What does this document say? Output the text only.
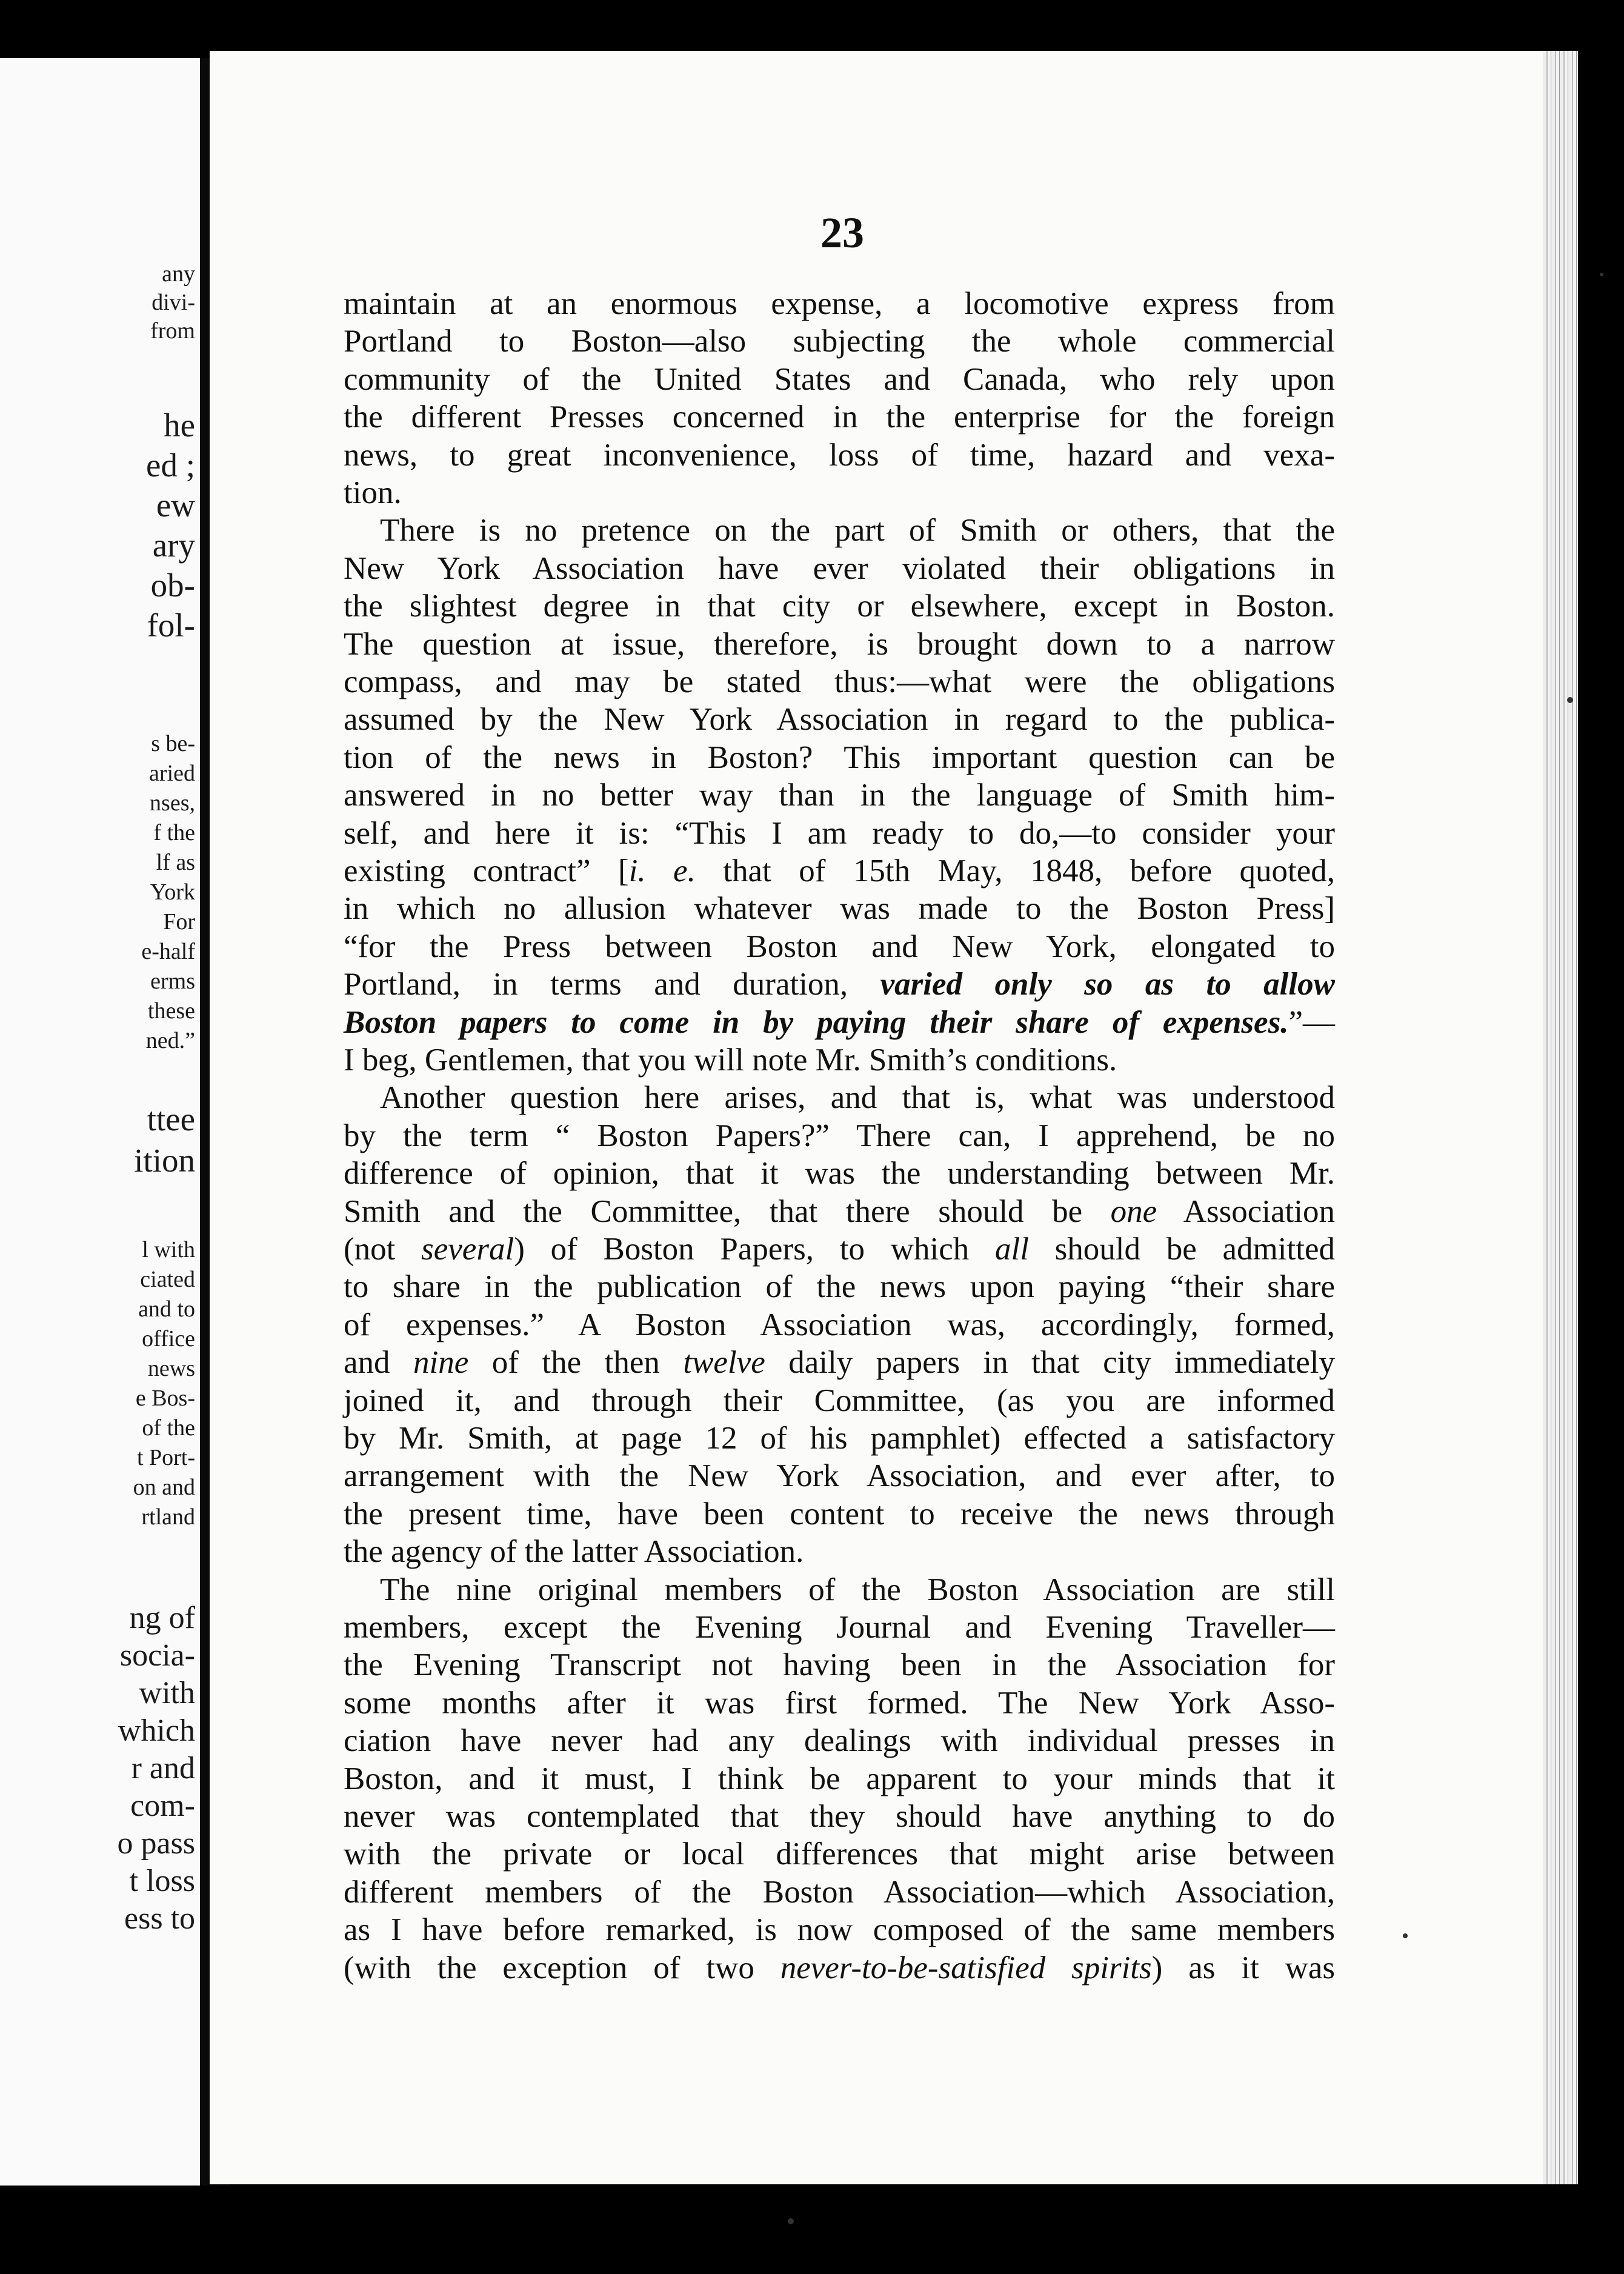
any
divi-
from
he
ed ;
ew
ary
ob-
fol-
s be-
aried
nses,
f the
lf as
York
For
e-half
erms
these
ned.”
ttee
ition
l with
ciated
and to
office
news
e Bos-
of the
t Port-
on and
rtland
ng of
socia-
with
which
r and
com-
o pass
t loss
ess to
23
maintain at an enormous expense, a locomotive express from
Portland to Boston—also subjecting the whole commercial
community of the United States and Canada, who rely upon
the different Presses concerned in the enterprise for the foreign
news, to great inconvenience, loss of time, hazard and vexa-
tion.
There is no pretence on the part of Smith or others, that the
New York Association have ever violated their obligations in
the slightest degree in that city or elsewhere, except in Boston.
The question at issue, therefore, is brought down to a narrow
compass, and may be stated thus:—what were the obligations
assumed by the New York Association in regard to the publica-
tion of the news in Boston? This important question can be
answered in no better way than in the language of Smith him-
self, and here it is: “This I am ready to do,—to consider your
existing contract” [i. e. that of 15th May, 1848, before quoted,
in which no allusion whatever was made to the Boston Press]
“for the Press between Boston and New York, elongated to
Portland, in terms and duration, varied only so as to allow
Boston papers to come in by paying their share of expenses.”—
I beg, Gentlemen, that you will note Mr. Smith’s conditions.
Another question here arises, and that is, what was understood
by the term “ Boston Papers?” There can, I apprehend, be no
difference of opinion, that it was the understanding between Mr.
Smith and the Committee, that there should be one Association
(not several) of Boston Papers, to which all should be admitted
to share in the publication of the news upon paying “their share
of expenses.” A Boston Association was, accordingly, formed,
and nine of the then twelve daily papers in that city immediately
joined it, and through their Committee, (as you are informed
by Mr. Smith, at page 12 of his pamphlet) effected a satisfactory
arrangement with the New York Association, and ever after, to
the present time, have been content to receive the news through
the agency of the latter Association.
The nine original members of the Boston Association are still
members, except the Evening Journal and Evening Traveller—
the Evening Transcript not having been in the Association for
some months after it was first formed. The New York Asso-
ciation have never had any dealings with individual presses in
Boston, and it must, I think be apparent to your minds that it
never was contemplated that they should have anything to do
with the private or local differences that might arise between
different members of the Boston Association—which Association,
as I have before remarked, is now composed of the same members
(with the exception of two never-to-be-satisfied spirits) as it was
